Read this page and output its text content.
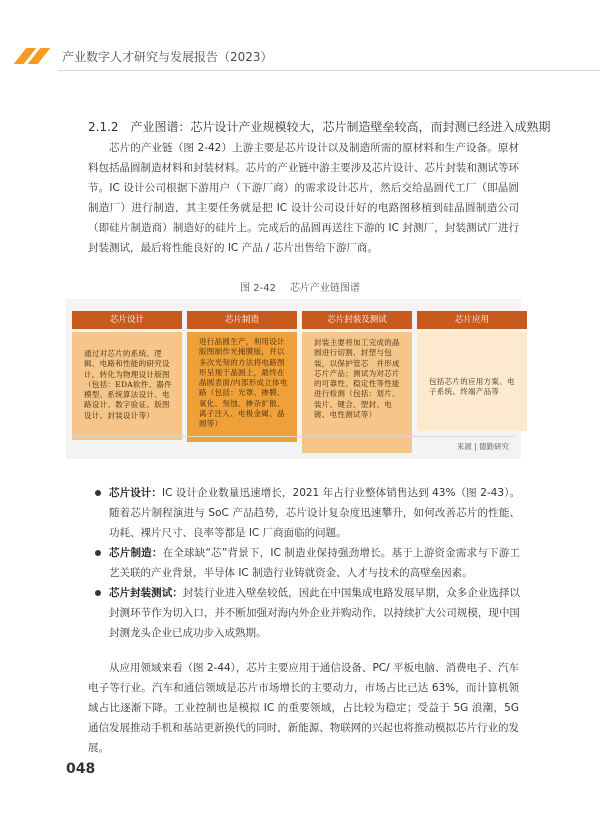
产业数字人才研究与发展报告（2023）
2.1.2 产业图谱：芯片设计产业规模较大，芯片制造壁垒较高，而封测已经进入成熟期
芯片的产业链（图 2-42）上游主要是芯片设计以及制造所需的原材料和生产设备。原材料包括晶圆制造材料和封装材料。芯片的产业链中游主要涉及芯片设计、芯片封装和测试等环节。IC 设计公司根据下游用户（下游厂商）的需求设计芯片，然后交给晶圆代工厂（即晶圆制造厂）进行制造，其主要任务就是把 IC 设计公司设计好的电路图移植到硅晶圆制造公司（即硅片制造商）制造好的硅片上。完成后的晶圆再送往下游的 IC 封测厂，封装测试厂进行封装测试，最后将性能良好的 IC 产品 / 芯片出售给下游厂商。
图 2-42 芯片产业链图谱
芯片设计
通过对芯片的系统、逻辑、电路和性能的研究设计，转化为物理设计版图（包括：EDA软件、器件模型、系统算法设计、电路设计、数字验证、版图设计、封装设计等）
芯片制造
进行晶圆生产，利用设计版图制作光掩膜版，并以多次光刻的方法将电路图形呈现于晶圆上，最终在晶圆表面/内部形成立体电路（包括：光罩、掺膜、氧化、刻蚀、掺杂扩散、离子注入、电极金属、晶圆等）
芯片封装及测试
封装主要将加工完成的晶圆进行切割、封塑与包装，以保护管芯　并形成芯片产品；测试为对芯片的可靠性、稳定性等性能进行检测（包括：划片、装片、键合、塑封、电镀、电性测试等）
芯片应用
包括芯片的应用方案、电子系统、终端产品等
来源 | 德勤研究
芯片设计：IC 设计企业数量迅速增长，2021 年占行业整体销售达到 43%（图 2-43）。随着芯片制程演进与 SoC 产品趋势，芯片设计复杂度迅速攀升，如何改善芯片的性能、功耗、裸片尺寸、良率等都是 IC 厂商面临的问题。
芯片制造：在全球缺“芯”背景下，IC 制造业保持强劲增长。基于上游资金需求与下游工艺关联的产业背景，半导体 IC 制造行业铸就资金、人才与技术的高壁垒因素。
芯片封装测试：封装行业进入壁垒较低，因此在中国集成电路发展早期，众多企业选择以封测环节作为切入口，并不断加强对海内外企业并购动作，以持续扩大公司规模，现中国封测龙头企业已成功步入成熟期。
从应用领域来看（图 2-44），芯片主要应用于通信设备、PC/ 平板电脑、消费电子、汽车电子等行业。汽车和通信领域是芯片市场增长的主要动力，市场占比已达 63%，而计算机领域占比逐渐下降。工业控制也是模拟 IC 的重要领域，占比较为稳定；受益于 5G 浪潮，5G 通信发展推动手机和基站更新换代的同时，新能源、物联网的兴起也将推动模拟芯片行业的发展。
048
